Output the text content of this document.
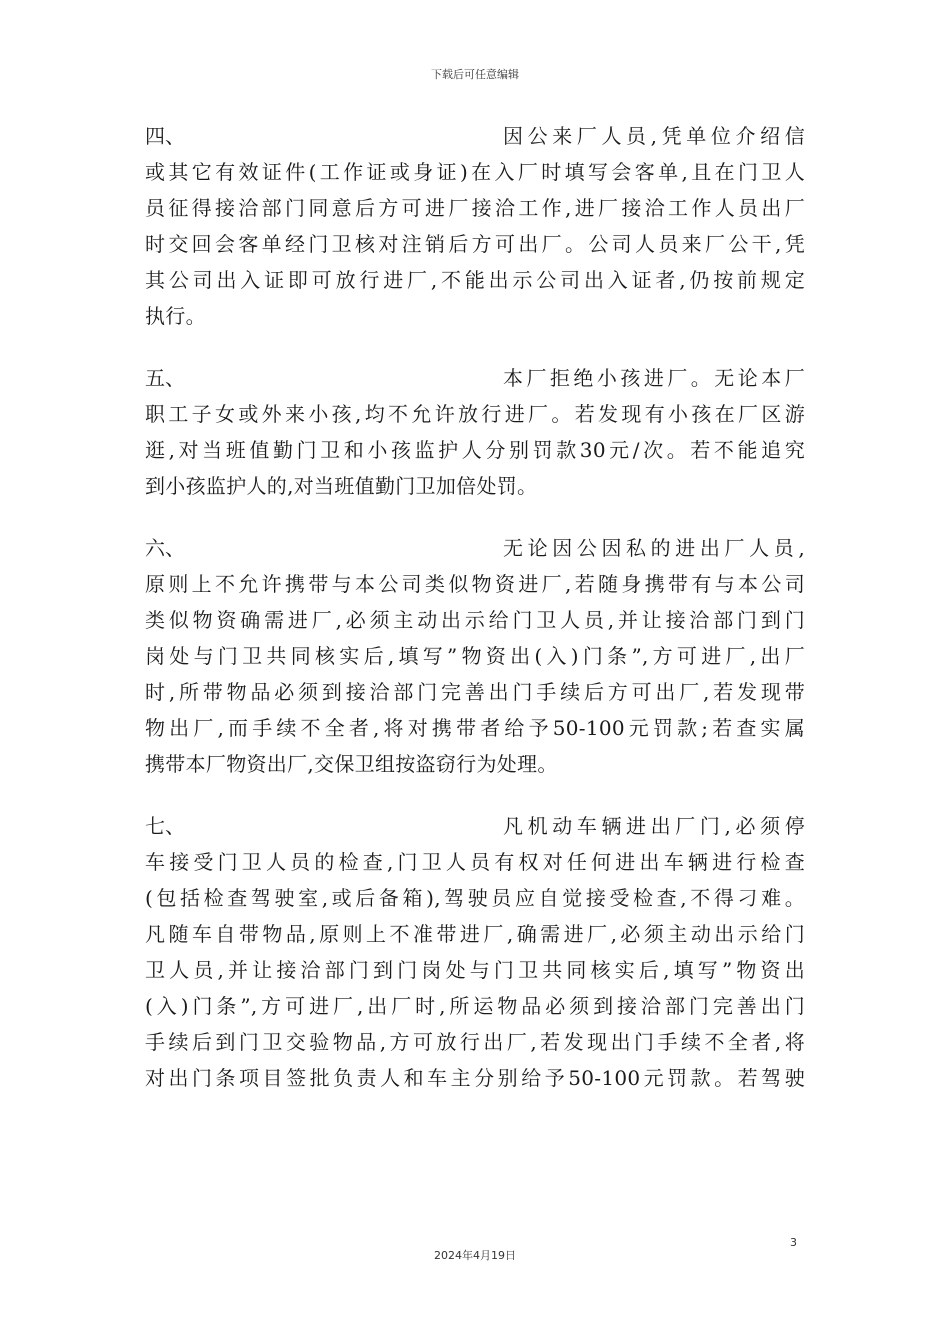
下载后可任意编辑
四、	因公来厂人员,凭单位介绍信
或其它有效证件(工作证或身证)在入厂时填写会客单,且在门卫人
员征得接洽部门同意后方可进厂接洽工作,进厂接洽工作人员出厂
时交回会客单经门卫核对注销后方可出厂。公司人员来厂公干,凭
其公司出入证即可放行进厂,不能出示公司出入证者,仍按前规定
执行。
五、	本厂拒绝小孩进厂。无论本厂
职工子女或外来小孩,均不允许放行进厂。若发现有小孩在厂区游
逛,对当班值勤门卫和小孩监护人分别罚款30元/次。若不能追究
到小孩监护人的,对当班值勤门卫加倍处罚。
六、	无论因公因私的进出厂人员,
原则上不允许携带与本公司类似物资进厂,若随身携带有与本公司
类似物资确需进厂,必须主动出示给门卫人员,并让接洽部门到门
岗处与门卫共同核实后,填写”物资出(入)门条”,方可进厂,出厂
时,所带物品必须到接洽部门完善出门手续后方可出厂,若发现带
物出厂,而手续不全者,将对携带者给予50-100元罚款;若查实属
携带本厂物资出厂,交保卫组按盗窃行为处理。
七、	凡机动车辆进出厂门,必须停
车接受门卫人员的检查,门卫人员有权对任何进出车辆进行检查
(包括检查驾驶室,或后备箱),驾驶员应自觉接受检查,不得刁难。
凡随车自带物品,原则上不准带进厂,确需进厂,必须主动出示给门
卫人员,并让接洽部门到门岗处与门卫共同核实后,填写”物资出
(入)门条”,方可进厂,出厂时,所运物品必须到接洽部门完善出门
手续后到门卫交验物品,方可放行出厂,若发现出门手续不全者,将
对出门条项目签批负责人和车主分别给予50-100元罚款。若驾驶
3
2024年4月19日
